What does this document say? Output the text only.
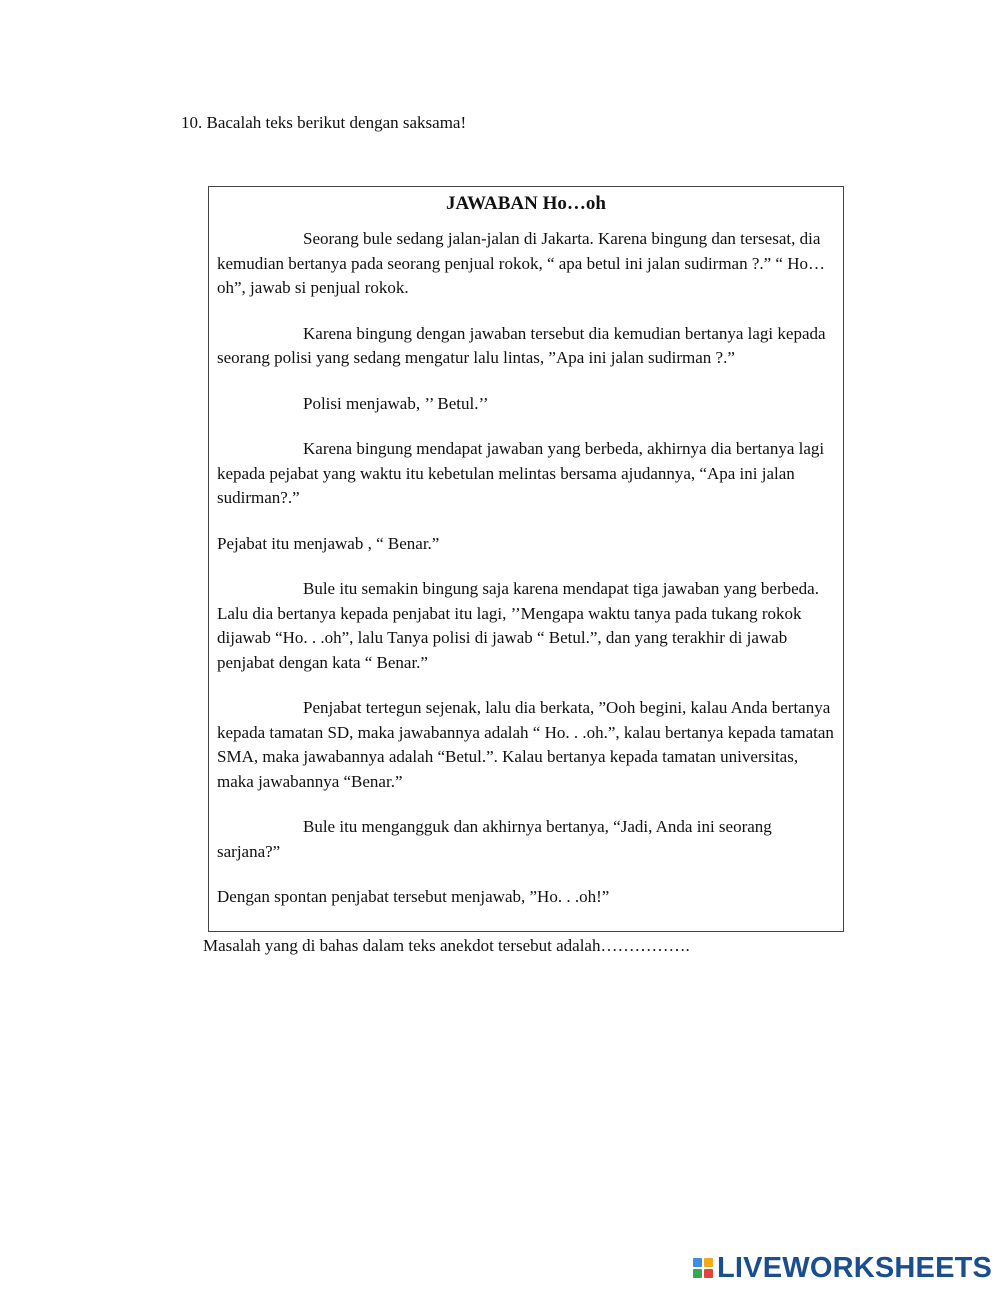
10. Bacalah teks berikut dengan saksama!
JAWABAN Ho…oh

Seorang bule sedang jalan-jalan di Jakarta. Karena bingung dan tersesat, dia kemudian bertanya pada seorang penjual rokok, “ apa betul ini jalan sudirman ?.” “ Ho… oh”, jawab si penjual rokok.

Karena bingung dengan jawaban tersebut dia kemudian bertanya lagi kepada seorang polisi yang sedang mengatur lalu lintas, ”Apa ini jalan sudirman ?.”

Polisi menjawab, ’’ Betul.’’

Karena bingung mendapat jawaban yang berbeda, akhirnya dia bertanya lagi kepada pejabat yang waktu itu kebetulan melintas bersama ajudannya, “Apa ini jalan sudirman?.”

Pejabat itu menjawab , “ Benar.”

Bule itu semakin bingung saja karena mendapat tiga jawaban yang berbeda. Lalu dia bertanya kepada penjabat itu lagi, ’’Mengapa waktu tanya pada tukang rokok dijawab “Ho. . .oh”, lalu Tanya polisi di jawab “ Betul.”, dan yang terakhir di jawab penjabat dengan kata “ Benar.”

Penjabat tertegun sejenak, lalu dia berkata, ”Ooh begini, kalau Anda bertanya kepada tamatan SD, maka jawabannya adalah “ Ho. . .oh.”, kalau bertanya kepada tamatan SMA, maka jawabannya adalah “Betul.”. Kalau bertanya kepada tamatan universitas, maka jawabannya “Benar.”

Bule itu mengangguk dan akhirnya bertanya, “Jadi, Anda ini seorang sarjana?”

Dengan spontan penjabat tersebut menjawab, ”Ho. . .oh!”

Masalah yang di bahas dalam teks anekdot tersebut adalah…………….
LIVEWORKSHEETS
